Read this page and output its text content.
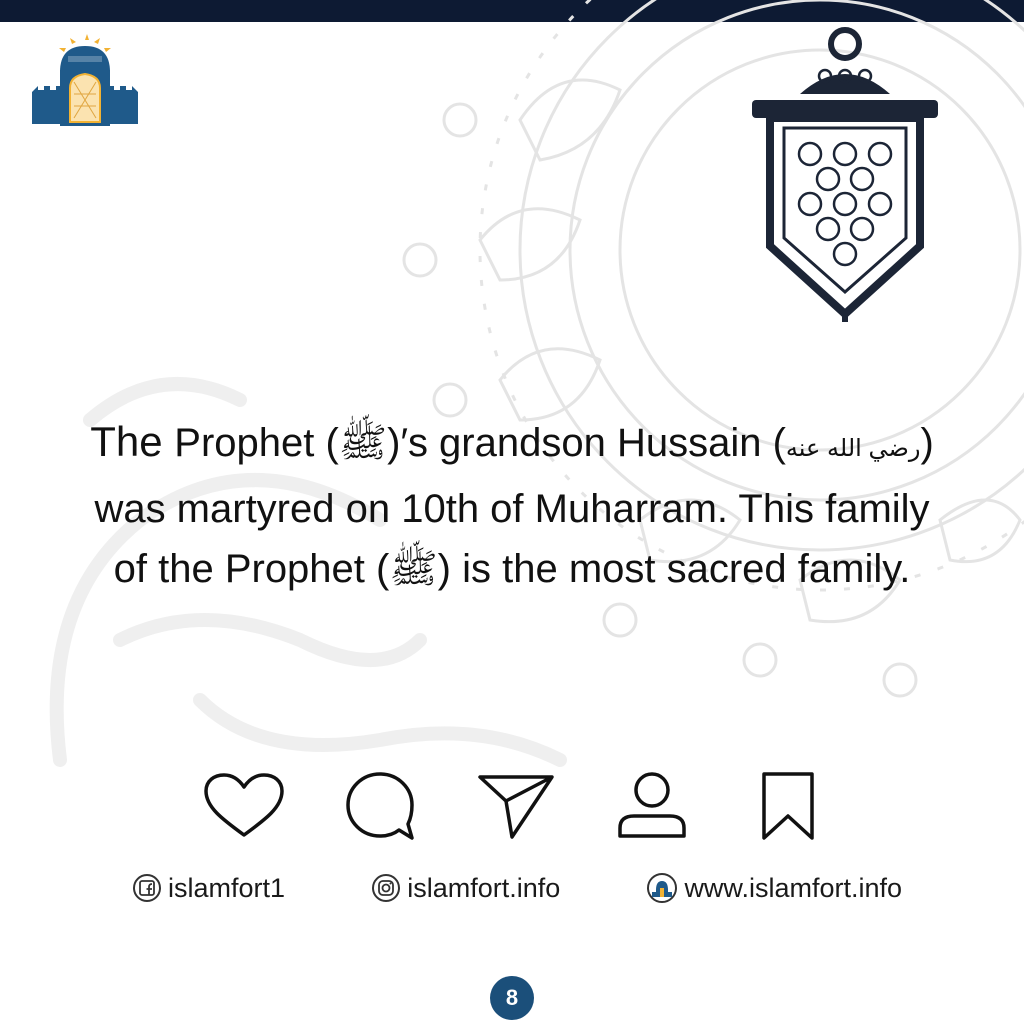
The Prophet (ﷺ)′s grandson Hussain (رضي الله عنه)
was martyred on 10th of Muharram. This family
of the Prophet (ﷺ) is the most sacred family.
islamfort1	islamfort.info	www.islamfort.info
8
